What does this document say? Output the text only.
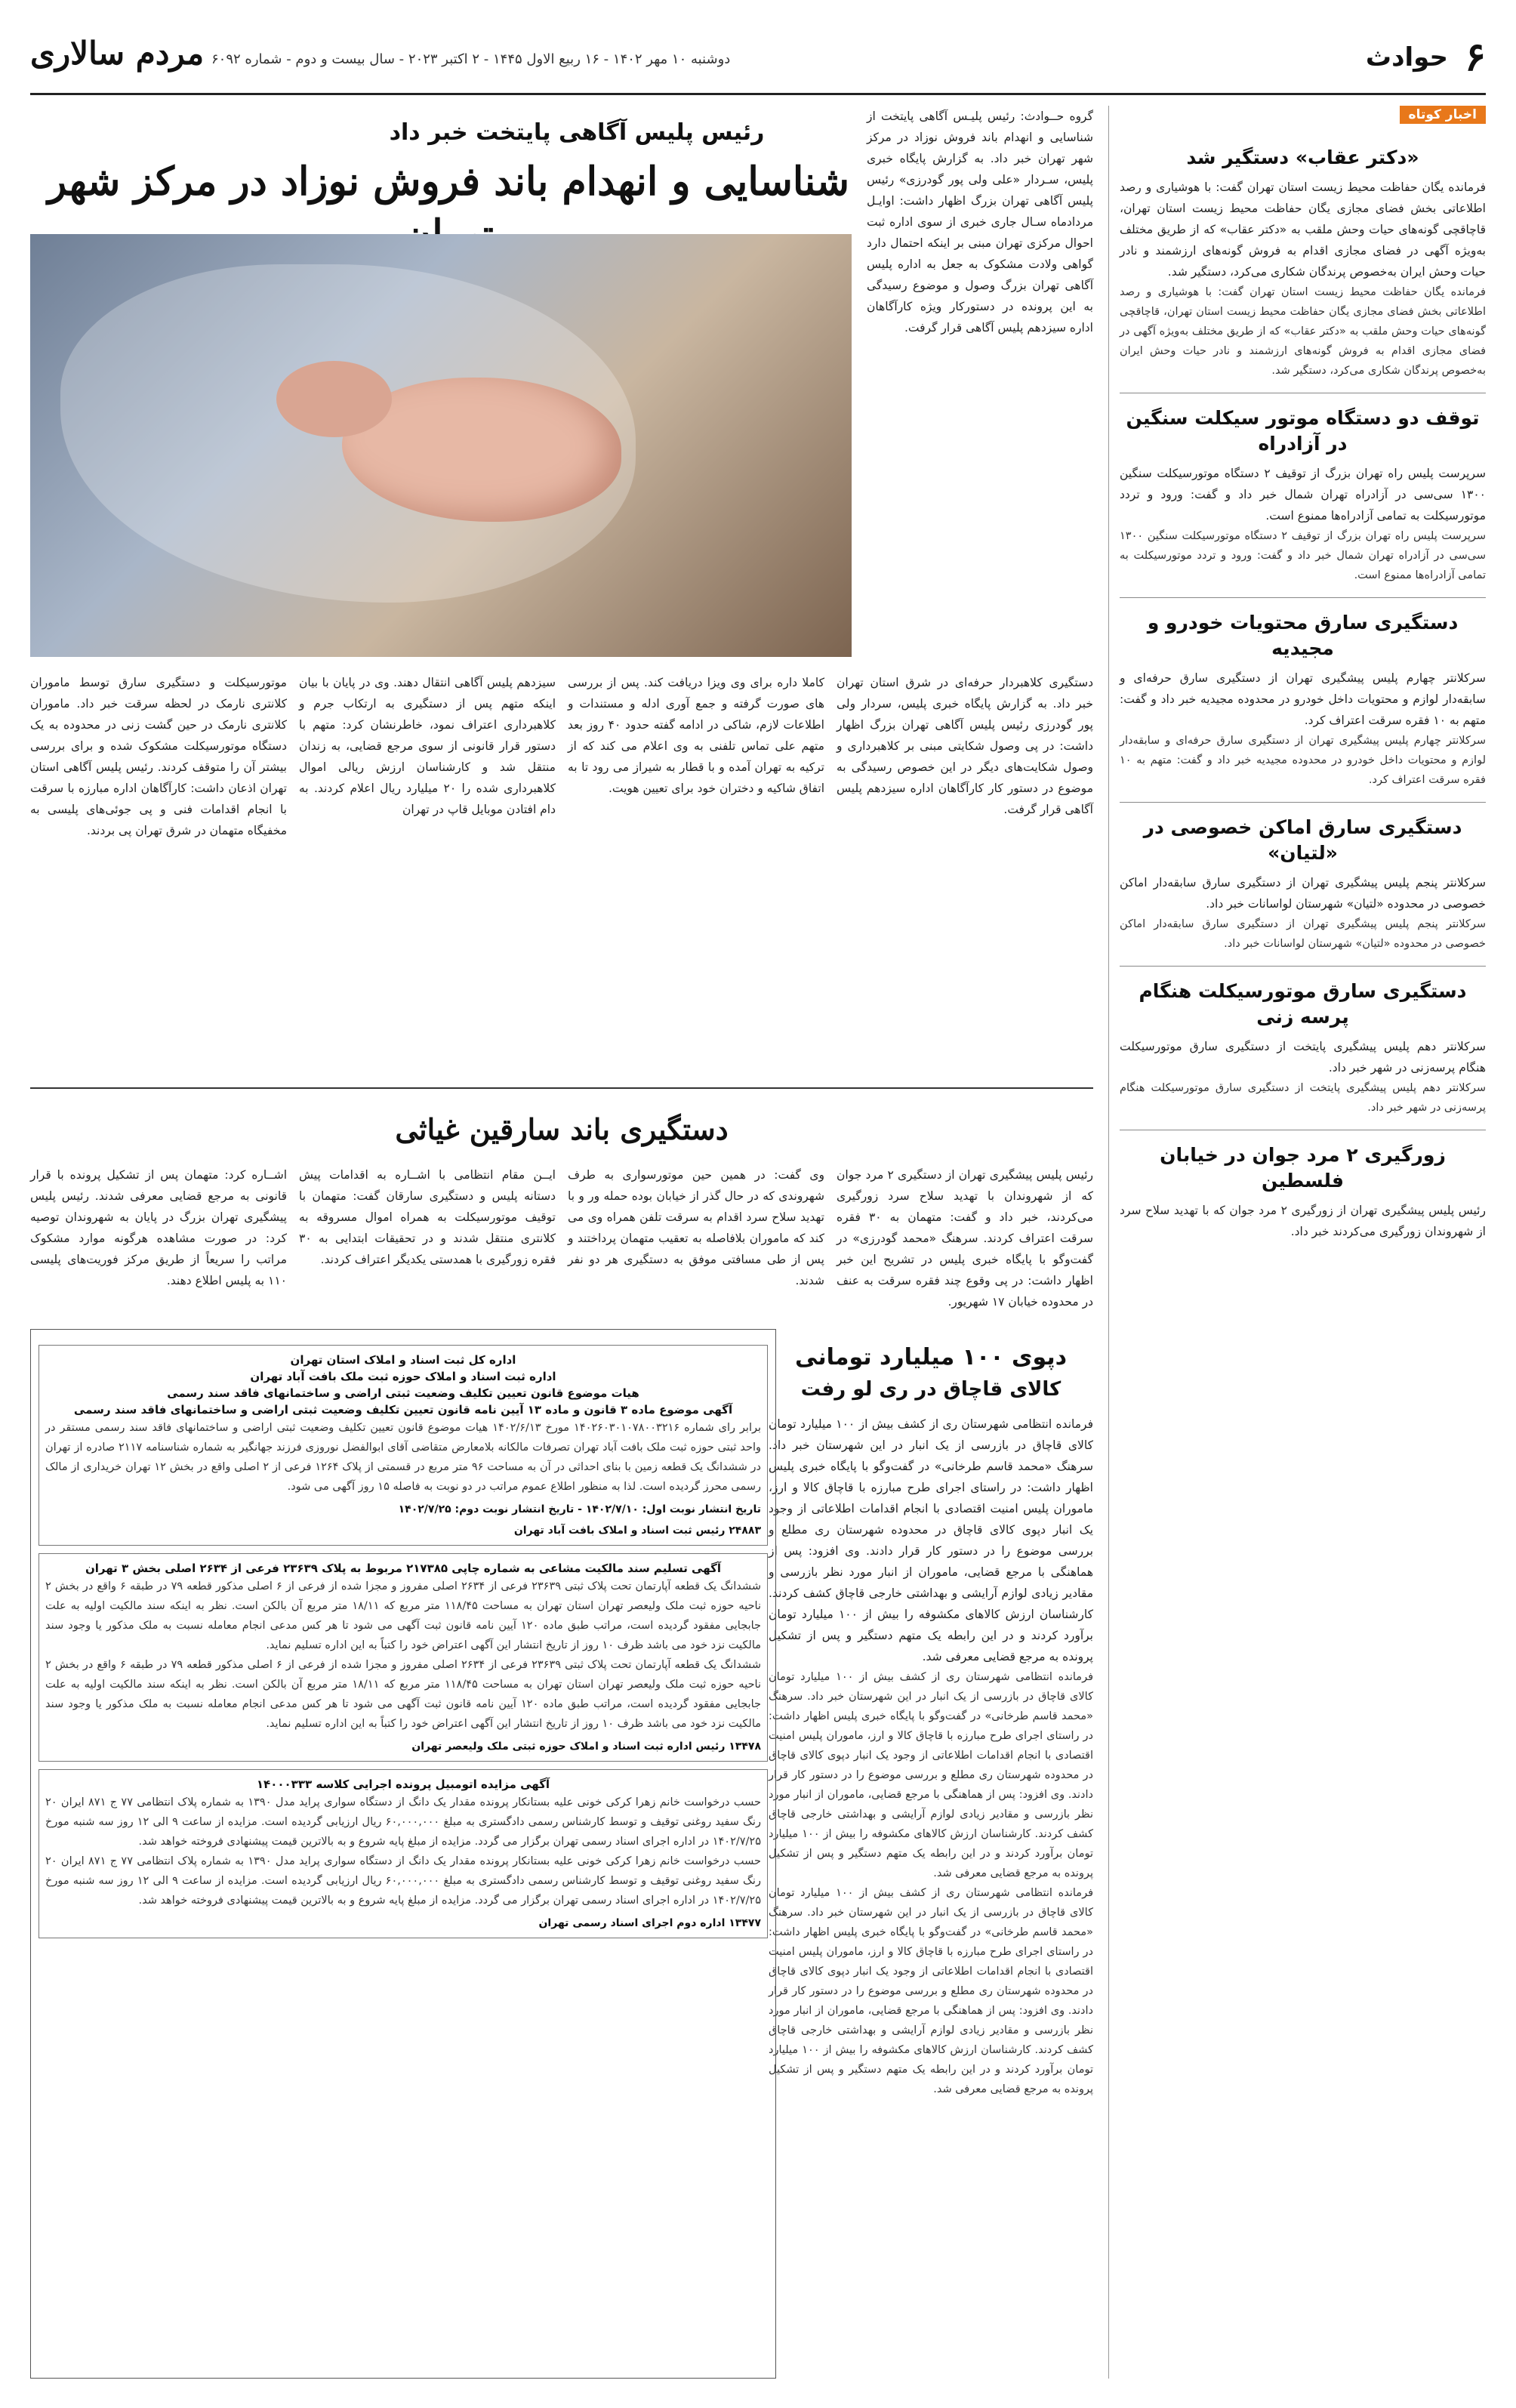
۶
حوادث
مردم سالاری دوشنبه ۱۰ مهر ۱۴۰۲ - ۱۶ ربیع الاول ۱۴۴۵ - ۲ اکتبر ۲۰۲۳ - سال بیست و دوم - شماره ۶۰۹۲
اخبار کوتاه
«دکتر عقاب» دستگیر شد
فرمانده یگان حفاظت محیط زیست استان تهران گفت: با هوشیاری و رصد اطلاعاتی بخش فضای مجازی یگان حفاظت محیط زیست استان تهران، قاچاقچی گونه‌های حیات وحش ملقب به «دکتر عقاب» که از طریق مختلف به‌ویژه آگهی در فضای مجازی اقدام به فروش گونه‌های ارزشمند و نادر حیات وحش ایران به‌خصوص پرندگان شکاری می‌کرد، دستگیر شد.
فرمانده یگان حفاظت محیط زیست استان تهران گفت: با هوشیاری و رصد اطلاعاتی بخش فضای مجازی یگان حفاظت محیط زیست استان تهران، قاچاقچی گونه‌های حیات وحش ملقب به «دکتر عقاب» که از طریق مختلف به‌ویژه آگهی در فضای مجازی اقدام به فروش گونه‌های ارزشمند و نادر حیات وحش ایران به‌خصوص پرندگان شکاری می‌کرد، دستگیر شد.
توقف دو دستگاه موتور سیکلت سنگین در آزادراه
سرپرست پلیس راه تهران بزرگ از توقیف ۲ دستگاه موتورسیکلت سنگین ۱۳۰۰ سی‌سی در آزادراه تهران شمال خبر داد و گفت: ورود و تردد موتورسیکلت به تمامی آزادراه‌ها ممنوع است.
سرپرست پلیس راه تهران بزرگ از توقیف ۲ دستگاه موتورسیکلت سنگین ۱۳۰۰ سی‌سی در آزادراه تهران شمال خبر داد و گفت: ورود و تردد موتورسیکلت به تمامی آزادراه‌ها ممنوع است.
دستگیری سارق محتویات خودرو و مجیدیه
سرکلانتر چهارم پلیس پیشگیری تهران از دستگیری سارق حرفه‌ای و سابقه‌دار لوازم و محتویات داخل خودرو در محدوده مجیدیه خبر داد و گفت: متهم به ۱۰ فقره سرقت اعتراف کرد.
سرکلانتر چهارم پلیس پیشگیری تهران از دستگیری سارق حرفه‌ای و سابقه‌دار لوازم و محتویات داخل خودرو در محدوده مجیدیه خبر داد و گفت: متهم به ۱۰ فقره سرقت اعتراف کرد.
دستگیری سارق اماکن خصوصی در «لتیان»
سرکلانتر پنجم پلیس پیشگیری تهران از دستگیری سارق سابقه‌دار اماکن خصوصی در محدوده «لتیان» شهرستان لواسانات خبر داد.
سرکلانتر پنجم پلیس پیشگیری تهران از دستگیری سارق سابقه‌دار اماکن خصوصی در محدوده «لتیان» شهرستان لواسانات خبر داد.
دستگیری سارق موتورسیکلت هنگام پرسه زنی
سرکلانتر دهم پلیس پیشگیری پایتخت از دستگیری سارق موتورسیکلت هنگام پرسه‌زنی در شهر خبر داد.
سرکلانتر دهم پلیس پیشگیری پایتخت از دستگیری سارق موتورسیکلت هنگام پرسه‌زنی در شهر خبر داد.
زورگیری ۲ مرد جوان در خیابان فلسطین
رئیس پلیس پیشگیری تهران از زورگیری ۲ مرد جوان که با تهدید سلاح سرد از شهروندان زورگیری می‌کردند خبر داد.
رئیس پلیس آگاهی پایتخت خبر داد
شناسایی و انهدام باند فروش نوزاد در مرکز شهر
گروه حــوادث: رئیس پلیـس آگاهی پایتخت از شناسایی و انهدام باند فروش نوزاد در مرکز شهر تهران خبر داد. به گزارش پایگاه خبری پلیس، سـردار «علی ولی پور گودرزی» رئیس پلیس آگاهی تهران بزرگ اظهار داشت: اوایـل مردادماه سـال جاری خبری از سوی اداره ثبت احوال مرکزی تهران مبنی بر اینکه احتمال دارد گواهی ولادت مشکوک به جعل به اداره پلیس آگاهی تهران بزرگ وصول و موضوع رسیدگی به این پرونده در دستورکار ویژه کارآگاهان اداره سیزدهم پلیس آگاهی قرار گرفت.
دستگیری کلاهبردار حرفه‌ای در شرق استان تهران خبر داد. به گزارش پایگاه خبری پلیس، سردار ولی پور گودرزی رئیس پلیس آگاهی تهران بزرگ اظهار داشت: در پی وصول شکایتی مبنی بر کلاهبرداری و وصول شکایت‌های دیگر در این خصوص رسیدگی به موضوع در دستور کار کارآگاهان اداره سیزدهم پلیس آگاهی قرار گرفت.
کاملا داره برای وی ویزا دریافت کند. پس از بررسی های صورت گرفته و جمع آوری ادله و مستندات و اطلاعات لازم، شاکی در ادامه گفته حدود ۴۰ روز بعد متهم علی تماس تلفنی به وی اعلام می کند که از ترکیه به تهران آمده و با قطار به شیراز می رود تا به اتفاق شاکیه و دختران خود برای تعیین هویت.
سیزدهم پلیس آگاهی انتقال دهند. وی در پایان با بیان اینکه متهم پس از دستگیری به ارتکاب جرم و کلاهبرداری اعتراف نمود، خاطرنشان کرد: متهم با دستور قرار قانونی از سوی مرجع قضایی، به زندان منتقل شد و کارشناسان ارزش ریالی اموال کلاهبرداری شده را ۲۰ میلیارد ریال اعلام کردند. به دام افتادن موبایل قاپ در تهران
موتورسیکلت و دستگیری سارق توسط ماموران کلانتری نارمک در لحظه سرقت خبر داد. ماموران کلانتری نارمک در حین گشت زنی در محدوده به یک دستگاه موتورسیکلت مشکوک شده و برای بررسی بیشتر آن را متوقف کردند. رئیس پلیس آگاهی استان تهران اذعان داشت: کارآگاهان اداره مبارزه با سرقت با انجام اقدامات فنی و پی جوئی‌های پلیسی به مخفیگاه متهمان در شرق تهران پی بردند.
دستگیری باند سارقین غیاثی
رئیس پلیس پیشگیری تهران از دستگیری ۲ مرد جوان که از شهروندان با تهدید سلاح سرد زورگیری می‌کردند، خبر داد و گفت: متهمان به ۳۰ فقره سرقت اعتراف کردند. سرهنگ «محمد گودرزی» در گفت‌وگو با پایگاه خبری پلیس در تشریح این خبر اظهار داشت: در پی وقوع چند فقره سرقت به عنف در محدوده خیابان ۱۷ شهریور.
وی گفت: در همین حین موتورسواری به طرف شهروندی که در حال گذر از خیابان بوده حمله ور و با تهدید سلاح سرد اقدام به سرقت تلفن همراه وی می کند که ماموران بلافاصله به تعقیب متهمان پرداختند و پس از طی مسافتی موفق به دستگیری هر دو نفر شدند.
ایــن مقام انتظامی با اشــاره به اقدامات پیش دستانه پلیس و دستگیری سارقان گفت: متهمان با توقیف موتورسیکلت به همراه اموال مسروقه به کلانتری منتقل شدند و در تحقیقات ابتدایی به ۳۰ فقره زورگیری با همدستی یکدیگر اعتراف کردند.
اشــاره کرد: متهمان پس از تشکیل پرونده با قرار قانونی به مرجع قضایی معرفی شدند. رئیس پلیس پیشگیری تهران بزرگ در پایان به شهروندان توصیه کرد: در صورت مشاهده هرگونه موارد مشکوک مراتب را سریعاً از طریق مرکز فوریت‌های پلیسی ۱۱۰ به پلیس اطلاع دهند.
دپوی ۱۰۰ میلیارد تومانی
کالای قاچاق در ری لو رفت
فرمانده انتظامی شهرستان ری از کشف بیش از ۱۰۰ میلیارد تومان کالای قاچاق در بازرسی از یک انبار در این شهرستان خبر داد. سرهنگ «محمد قاسم طرخانی» در گفت‌وگو با پایگاه خبری پلیس اظهار داشت: در راستای اجرای طرح مبارزه با قاچاق کالا و ارز، ماموران پلیس امنیت اقتصادی با انجام اقدامات اطلاعاتی از وجود یک انبار دپوی کالای قاچاق در محدوده شهرستان ری مطلع و بررسی موضوع را در دستور کار قرار دادند. وی افزود: پس از هماهنگی با مرجع قضایی، ماموران از انبار مورد نظر بازرسی و مقادیر زیادی لوازم آرایشی و بهداشتی خارجی قاچاق کشف کردند. کارشناسان ارزش کالاهای مکشوفه را بیش از ۱۰۰ میلیارد تومان برآورد کردند و در این رابطه یک متهم دستگیر و پس از تشکیل پرونده به مرجع قضایی معرفی شد.
فرمانده انتظامی شهرستان ری از کشف بیش از ۱۰۰ میلیارد تومان کالای قاچاق در بازرسی از یک انبار در این شهرستان خبر داد. سرهنگ «محمد قاسم طرخانی» در گفت‌وگو با پایگاه خبری پلیس اظهار داشت: در راستای اجرای طرح مبارزه با قاچاق کالا و ارز، ماموران پلیس امنیت اقتصادی با انجام اقدامات اطلاعاتی از وجود یک انبار دپوی کالای قاچاق در محدوده شهرستان ری مطلع و بررسی موضوع را در دستور کار قرار دادند. وی افزود: پس از هماهنگی با مرجع قضایی، ماموران از انبار مورد نظر بازرسی و مقادیر زیادی لوازم آرایشی و بهداشتی خارجی قاچاق کشف کردند. کارشناسان ارزش کالاهای مکشوفه را بیش از ۱۰۰ میلیارد تومان برآورد کردند و در این رابطه یک متهم دستگیر و پس از تشکیل پرونده به مرجع قضایی معرفی شد.
فرمانده انتظامی شهرستان ری از کشف بیش از ۱۰۰ میلیارد تومان کالای قاچاق در بازرسی از یک انبار در این شهرستان خبر داد. سرهنگ «محمد قاسم طرخانی» در گفت‌وگو با پایگاه خبری پلیس اظهار داشت: در راستای اجرای طرح مبارزه با قاچاق کالا و ارز، ماموران پلیس امنیت اقتصادی با انجام اقدامات اطلاعاتی از وجود یک انبار دپوی کالای قاچاق در محدوده شهرستان ری مطلع و بررسی موضوع را در دستور کار قرار دادند. وی افزود: پس از هماهنگی با مرجع قضایی، ماموران از انبار مورد نظر بازرسی و مقادیر زیادی لوازم آرایشی و بهداشتی خارجی قاچاق کشف کردند. کارشناسان ارزش کالاهای مکشوفه را بیش از ۱۰۰ میلیارد تومان برآورد کردند و در این رابطه یک متهم دستگیر و پس از تشکیل پرونده به مرجع قضایی معرفی شد.
اداره کل ثبت اسناد و املاک استان تهران
اداره ثبت اسناد و املاک حوزه ثبت ملک بافت آباد تهران
هیات موضوع قانون تعیین تکلیف وضعیت ثبتی اراضی و ساختمانهای فاقد سند رسمی
آگهی موضوع ماده ۳ قانون و ماده ۱۳ آیین نامه قانون تعیین تکلیف وضعیت ثبتی اراضی و ساختمانهای فاقد سند رسمی
برابر رای شماره ۱۴۰۲۶۰۳۰۱۰۷۸۰۰۳۲۱۶ مورخ ۱۴۰۲/۶/۱۳ هیات موضوع قانون تعیین تکلیف وضعیت ثبتی اراضی و ساختمانهای فاقد سند رسمی مستقر در واحد ثبتی حوزه ثبت ملک بافت آباد تهران تصرفات مالکانه بلامعارض متقاضی آقای ابوالفضل نوروزی فرزند جهانگیر به شماره شناسنامه ۲۱۱۷ صادره از تهران در ششدانگ یک قطعه زمین با بنای احداثی در آن به مساحت ۹۶ متر مربع در قسمتی از پلاک ۱۲۶۴ فرعی از ۲ اصلی واقع در بخش ۱۲ تهران خریداری از مالک رسمی محرز گردیده است. لذا به منظور اطلاع عموم مراتب در دو نوبت به فاصله ۱۵ روز آگهی می شود.
تاریخ انتشار نوبت اول: ۱۴۰۲/۷/۱۰ - تاریخ انتشار نوبت دوم: ۱۴۰۲/۷/۲۵
۲۴۸۸۳ رئیس ثبت اسناد و املاک بافت آباد تهران
آگهی تسلیم سند مالکیت مشاعی به شماره چاپی ۲۱۷۳۸۵ مربوط به پلاک ۲۳۶۳۹ فرعی از ۲۶۳۴ اصلی بخش ۳ تهران
ششدانگ یک قطعه آپارتمان تحت پلاک ثبتی ۲۳۶۳۹ فرعی از ۲۶۳۴ اصلی مفروز و مجزا شده از فرعی از ۶ اصلی مذکور قطعه ۷۹ در طبقه ۶ واقع در بخش ۲ ناحیه حوزه ثبت ملک ولیعصر تهران استان تهران به مساحت ۱۱۸/۴۵ متر مربع که ۱۸/۱۱ متر مربع آن بالکن است. نظر به اینکه سند مالکیت اولیه به علت جابجایی مفقود گردیده است، مراتب طبق ماده ۱۲۰ آیین نامه قانون ثبت آگهی می شود تا هر کس مدعی انجام معامله نسبت به ملک مذکور یا وجود سند مالکیت نزد خود می باشد ظرف ۱۰ روز از تاریخ انتشار این آگهی اعتراض خود را کتباً به این اداره تسلیم نماید.
ششدانگ یک قطعه آپارتمان تحت پلاک ثبتی ۲۳۶۳۹ فرعی از ۲۶۳۴ اصلی مفروز و مجزا شده از فرعی از ۶ اصلی مذکور قطعه ۷۹ در طبقه ۶ واقع در بخش ۲ ناحیه حوزه ثبت ملک ولیعصر تهران استان تهران به مساحت ۱۱۸/۴۵ متر مربع که ۱۸/۱۱ متر مربع آن بالکن است. نظر به اینکه سند مالکیت اولیه به علت جابجایی مفقود گردیده است، مراتب طبق ماده ۱۲۰ آیین نامه قانون ثبت آگهی می شود تا هر کس مدعی انجام معامله نسبت به ملک مذکور یا وجود سند مالکیت نزد خود می باشد ظرف ۱۰ روز از تاریخ انتشار این آگهی اعتراض خود را کتباً به این اداره تسلیم نماید.
۱۳۴۷۸ رئیس اداره ثبت اسناد و املاک حوزه ثبتی ملک ولیعصر تهران
آگهی مزایده اتومبیل پرونده اجرایی کلاسه ۱۴۰۰۰۳۳۳
حسب درخواست خانم زهرا کرکی خونی علیه بستانکار پرونده مقدار یک دانگ از دستگاه سواری پراید مدل ۱۳۹۰ به شماره پلاک انتظامی ۷۷ ج ۸۷۱ ایران ۲۰ رنگ سفید روغنی توقیف و توسط کارشناس رسمی دادگستری به مبلغ ۶۰,۰۰۰,۰۰۰ ریال ارزیابی گردیده است. مزایده از ساعت ۹ الی ۱۲ روز سه شنبه مورخ ۱۴۰۲/۷/۲۵ در اداره اجرای اسناد رسمی تهران برگزار می گردد. مزایده از مبلغ پایه شروع و به بالاترین قیمت پیشنهادی فروخته خواهد شد.
حسب درخواست خانم زهرا کرکی خونی علیه بستانکار پرونده مقدار یک دانگ از دستگاه سواری پراید مدل ۱۳۹۰ به شماره پلاک انتظامی ۷۷ ج ۸۷۱ ایران ۲۰ رنگ سفید روغنی توقیف و توسط کارشناس رسمی دادگستری به مبلغ ۶۰,۰۰۰,۰۰۰ ریال ارزیابی گردیده است. مزایده از ساعت ۹ الی ۱۲ روز سه شنبه مورخ ۱۴۰۲/۷/۲۵ در اداره اجرای اسناد رسمی تهران برگزار می گردد. مزایده از مبلغ پایه شروع و به بالاترین قیمت پیشنهادی فروخته خواهد شد.
۱۳۴۷۷ اداره دوم اجرای اسناد رسمی تهران
